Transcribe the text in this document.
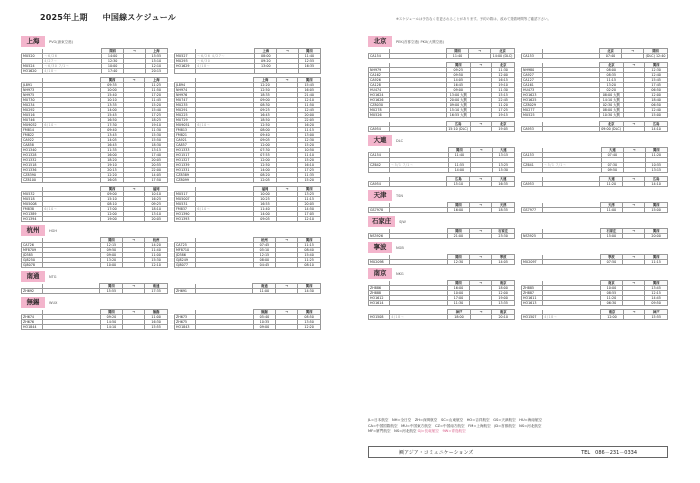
2025年上期 中国線スケジュール	※スケジュールは予告なく変更されることがあります。予約の際は、改めて発着時間等ご確認下さい。
上海	PVG(浦東空港)
		関西	→	上海
MU520	〜6/26	14:00		15:55
	4/27〜	12:30		15:10
MU524	〜6/30 7/1〜	10:00		12:10
HO1620	4/18〜	17:40		20:15
		上海	→	関西
MU527	〜6/26 4/27〜	08:00		11:40
MU293	〜6/30	09:20		12:55
HO1629	4/18〜	13:00		16:35

		関西	→	上海
JL891		09:35		11:25
NH973		10:00		11:50
NH975		15:40		17:20
MU730		10:10		11:45
MU234		13:35		15:20
MU292		14:00		15:40
MU516		15:45		17:25
MU746		16:50		18:25
MU9052	6/10〜	17:30		19:10
FM814		09:40		11:30
FM822		13:45		15:30
CA922		14:05		15:50
CA858		16:45		18:30
HO1340		11:35		13:15
HO1328		16:00		17:40
HO1332		18:20		20:05
HO1518		19:10		20:55
HO1336		20:15		22:00
CZ8390		12:20		14:05
CZ8100		16:05		17:50
		上海	→	関西
JL894		12:20		15:45
NH974		12:50		16:05
NH976		18:35		21:40
MU747		09:00		12:10
MU235		08:30		11:50
MU291		09:25		12:45
MU225		16:45		20:00
MU729		18:50		22:05
MU9051	6/10〜	12:50		16:20
FM813		08:00		11:15
FM821		09:40		13:00
CA921		09:05		12:30
CA857		12:00		15:20
HO1333		07:30		10:50
HO1517		07:55		11:10
HO1327		12:00		15:20
HO1339		12:50		16:10
HO1331		14:00		17:25
CZ8389		08:20		11:35
CZ8099		12:05		15:20
		関西	→	福岡
MU532		09:00		10:10
MU518		15:10		16:25
MU5008		08:10		09:25
FM838	6/10〜	17:00		18:10
HO1389		12:00		13:10
HO1394		19:00		20:05
		福岡	→	関西
MU517		10:00		13:25
MU5007		10:25		11:15
MU531		16:55		20:05
FM837	6/10〜	11:40		14:50
HO1390		14:00		17:05
HO1393		09:05		12:10
杭州	HGH
		関西	→	杭州
CA726		12:15		14:20
MF8709		09:50		11:40
JD385		09:00		11:00
GJ8250		13:20		15:30
GJ8078		10:00		12:10
		杭州	→	関西
CA725		07:45		11:15
MF8710		05:10		08:40
JD386		12:15		15:40
GJ8249		08:00		11:25
GJ8077		04:45		08:10
南通	NTG
		関西	→	南通
ZH692		15:55		17:35
		南通	→	関西
ZH691		11:00		14:30
無錫	WUX
		関西	→	無錫
ZH674		09:20		11:00
ZH676		14:50		16:30
HO1844		14:10		15:55
		無錫	→	関西
ZH673		05:40		08:50
ZH675		10:35		13:50
HO1843		09:00		12:20
北京	PEK(首都空港) PKX(大興空港)
		関西	→	北京
CA154		11:40		14:00 (DLC)
		北京	→	関西
CA153		07:40		(DLC) 12:40
		関西	→	北京
NH979		09:25		11:30
CA162		09:50		12:00
CA926		14:05		16:15
CA128		16:45		19:10
HU474		09:00		11:30
HO1624		13:00 大興		15:15
HO1626		20:00 大興		22:45
CZ8030		09:00 大興		11:20
MU278		15:10 大興		17:25
MU526		16:55 大興		19:15
		北京	→	関西
NH980		08:00		12:30
CA927		08:35		12:40
CA127		11:15		15:45
CA161		13:20		17:45
HU473		02:20		06:50
HO1623		08:00 大興		12:00
HO1625		14:10 大興		18:40
CZ8029		02:30 大興		06:50
MU277		08:00 大興		12:40
MU525		10:30 大興		15:00
		広島	→	北京
CA954		15:10 (DLC)		19:05
		北京	→	広島
CA953		09:00 (DLC)		14:10
大連	DLC
		関西	→	大連
CA154		11:40		13:15

CZ642	〜5/1 7/1〜	11:55		13:25
		14:00		15:30
		大連	→	関西
CA153		07:40		11:20

CZ641	〜5/1 7/1〜	07:30		10:55
		09:50		13:15
		広島	→	大連
CA954		15:10		16:35
		大連	→	広島
CA953		11:20		14:10
天津	TSN
		関西	→	天津
GS7978		16:00		18:35
		天津	→	関西
GS7977		11:00		15:00
石家庄	SJW
		関西	→	石家庄
NS3926		21:00		23:30
		石家庄	→	関西
NS3925		15:00		20:00
寧波	NGB
		関西	→	寧波
MU2098		12:30		14:05
		寧波	→	関西
MU2097		07:50		11:15
南京	NKG
		関西	→	南京
ZH886		16:00		18:00
ZH888		10:00		12:00
HO1612		17:00		19:00
HO1614		11:30		13:35
		南京	→	関西
ZH885		10:00		13:45
ZH887		08:55		12:15
HO1611		11:20		14:45
HO1613		06:30		09:50
		神戸	→	南京
HO1508	4/18〜	18:00		20:10
		南京	→	神戸
HO1507	4/18〜	12:00		15:55
JL=日本航空　NH=全日空　ZH=深圳航空　SC=山東航空　HO=吉祥航空　GS=天津航空　HU=海南航空
CA=中国国際航空　MU=中国東方航空　CZ=中国南方航空　FM=上海航空　JD=首都航空　NS=河北航空
MF=厦門航空　NS=河北航空 GJ=長竜航空　9W=青島航空
㈱アジア・コミュニケーションズ	TEL　086－231－0334
